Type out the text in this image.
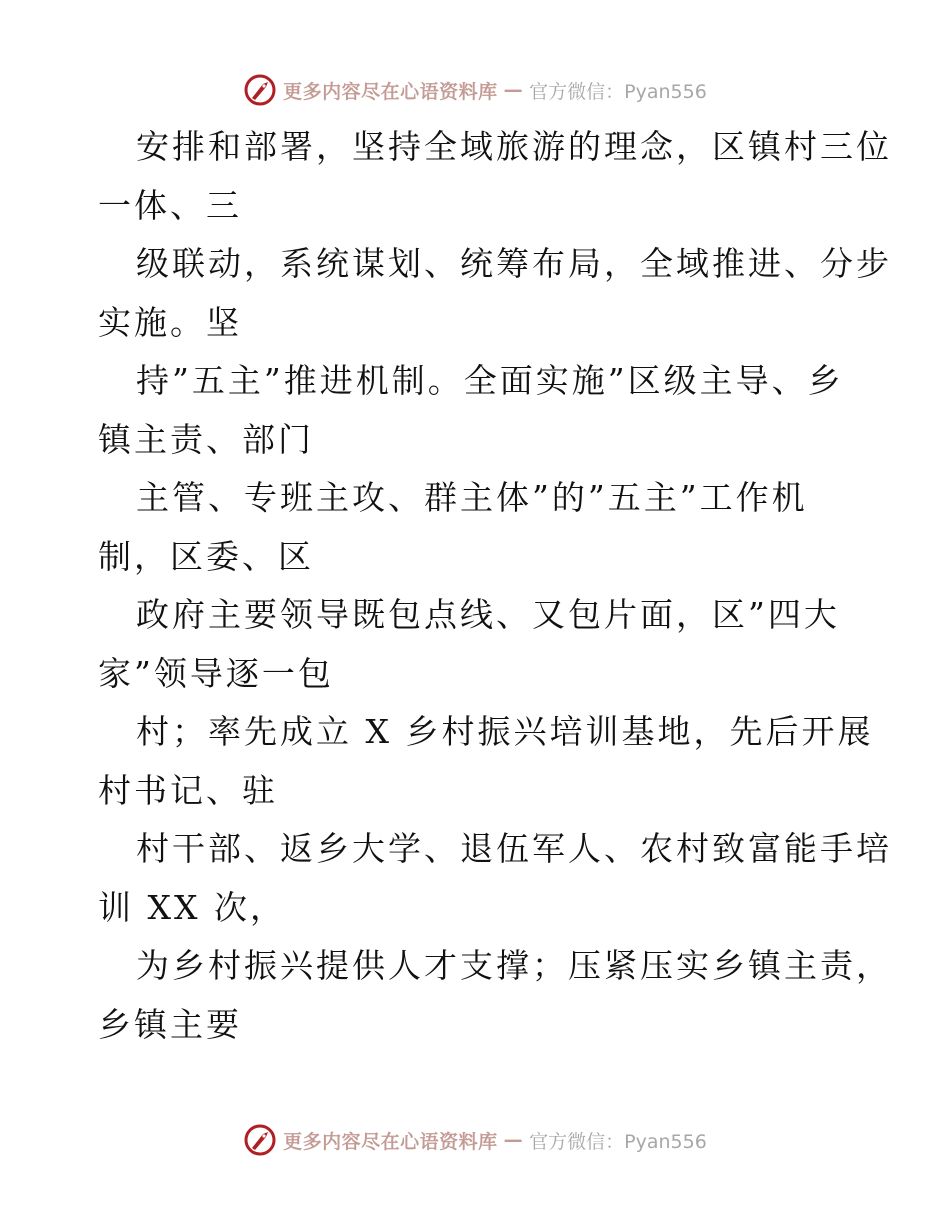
更多内容尽在心语资料库 — 官方微信：Pyan556

安排和部署，坚持全域旅游的理念，区镇村三位
一体、三

级联动，系统谋划、统筹布局，全域推进、分步
实施。坚

持”五主”推进机制。全面实施”区级主导、乡
镇主责、部门

主管、专班主攻、群主体”的”五主”工作机
制，区委、区

政府主要领导既包点线、又包片面，区”四大
家”领导逐一包

村；率先成立 X 乡村振兴培训基地，先后开展
村书记、驻

村干部、返乡大学、退伍军人、农村致富能手培
训 XX 次，

为乡村振兴提供人才支撑；压紧压实乡镇主责，
乡镇主要

更多内容尽在心语资料库 — 官方微信：Pyan556
